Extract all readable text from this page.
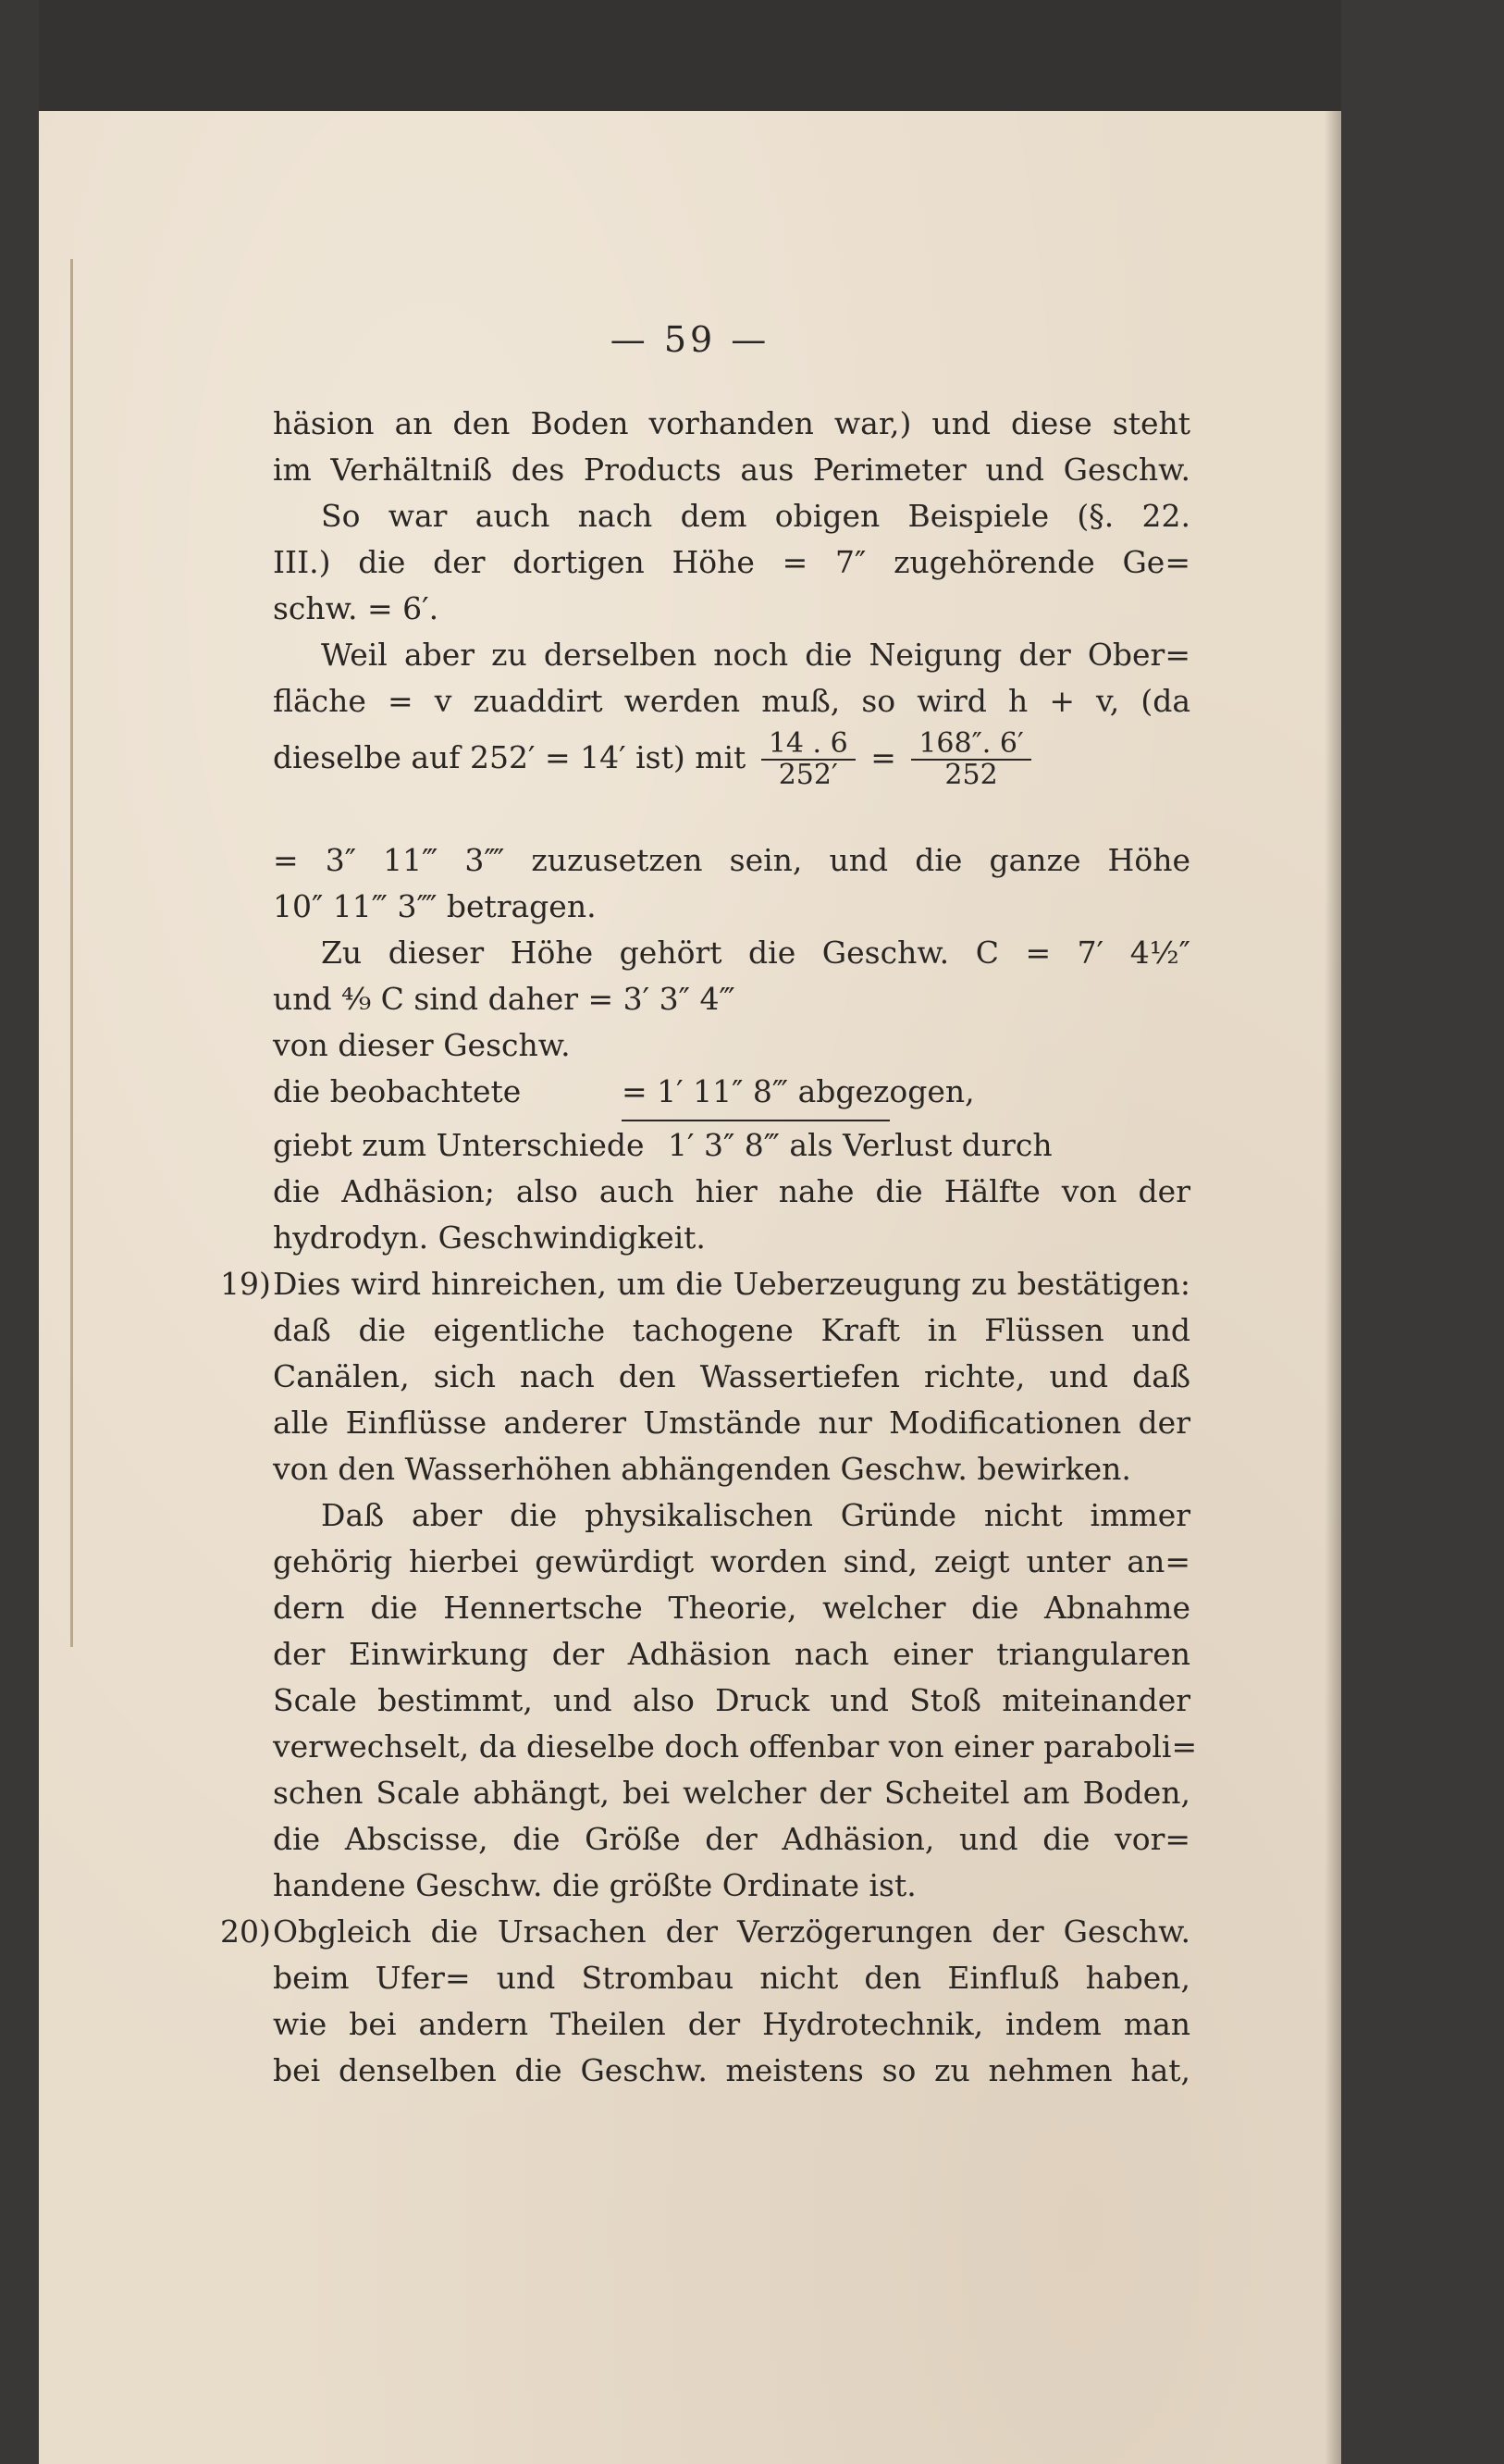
— 59 —
häsion an den Boden vorhanden war,) und diese steht
im Verhältniß des Products aus Perimeter und Geschw.
So war auch nach dem obigen Beispiele (§. 22.
III.) die der dortigen Höhe = 7″ zugehörende Ge=
schw. = 6′.
Weil aber zu derselben noch die Neigung der Ober=
fläche = v zuaddirt werden muß, so wird h + v, (da
dieselbe auf 252′ = 14′ ist) mit $\frac{14 . 6}{252'} = \frac{168''. 6'}{252}$
= 3″ 11‴ 3⁗ zuzusetzen sein, und die ganze Höhe
10″ 11‴ 3⁗ betragen.
Zu dieser Höhe gehört die Geschw. C = 7′ 4½″
und ⁴⁄₉ C sind daher = 3′ 3″ 4‴
von dieser Geschw.
die beobachtete	= 1′ 11″ 8‴ abgezogen,
giebt zum Unterschiede 1′ 3″ 8‴ als Verlust durch
die Adhäsion; also auch hier nahe die Hälfte von der
hydrodyn. Geschwindigkeit.
19) Dies wird hinreichen, um die Ueberzeugung zu bestätigen:
daß die eigentliche tachogene Kraft in Flüssen und
Canälen, sich nach den Wassertiefen richte, und daß
alle Einflüsse anderer Umstände nur Modificationen der
von den Wasserhöhen abhängenden Geschw. bewirken.
Daß aber die physikalischen Gründe nicht immer
gehörig hierbei gewürdigt worden sind, zeigt unter an=
dern die Hennertsche Theorie, welcher die Abnahme
der Einwirkung der Adhäsion nach einer triangularen
Scale bestimmt, und also Druck und Stoß miteinander
verwechselt, da dieselbe doch offenbar von einer paraboli=
schen Scale abhängt, bei welcher der Scheitel am Boden,
die Abscisse, die Größe der Adhäsion, und die vor=
handene Geschw. die größte Ordinate ist.
20) Obgleich die Ursachen der Verzögerungen der Geschw.
beim Ufer= und Strombau nicht den Einfluß haben,
wie bei andern Theilen der Hydrotechnik, indem man
bei denselben die Geschw. meistens so zu nehmen hat,
